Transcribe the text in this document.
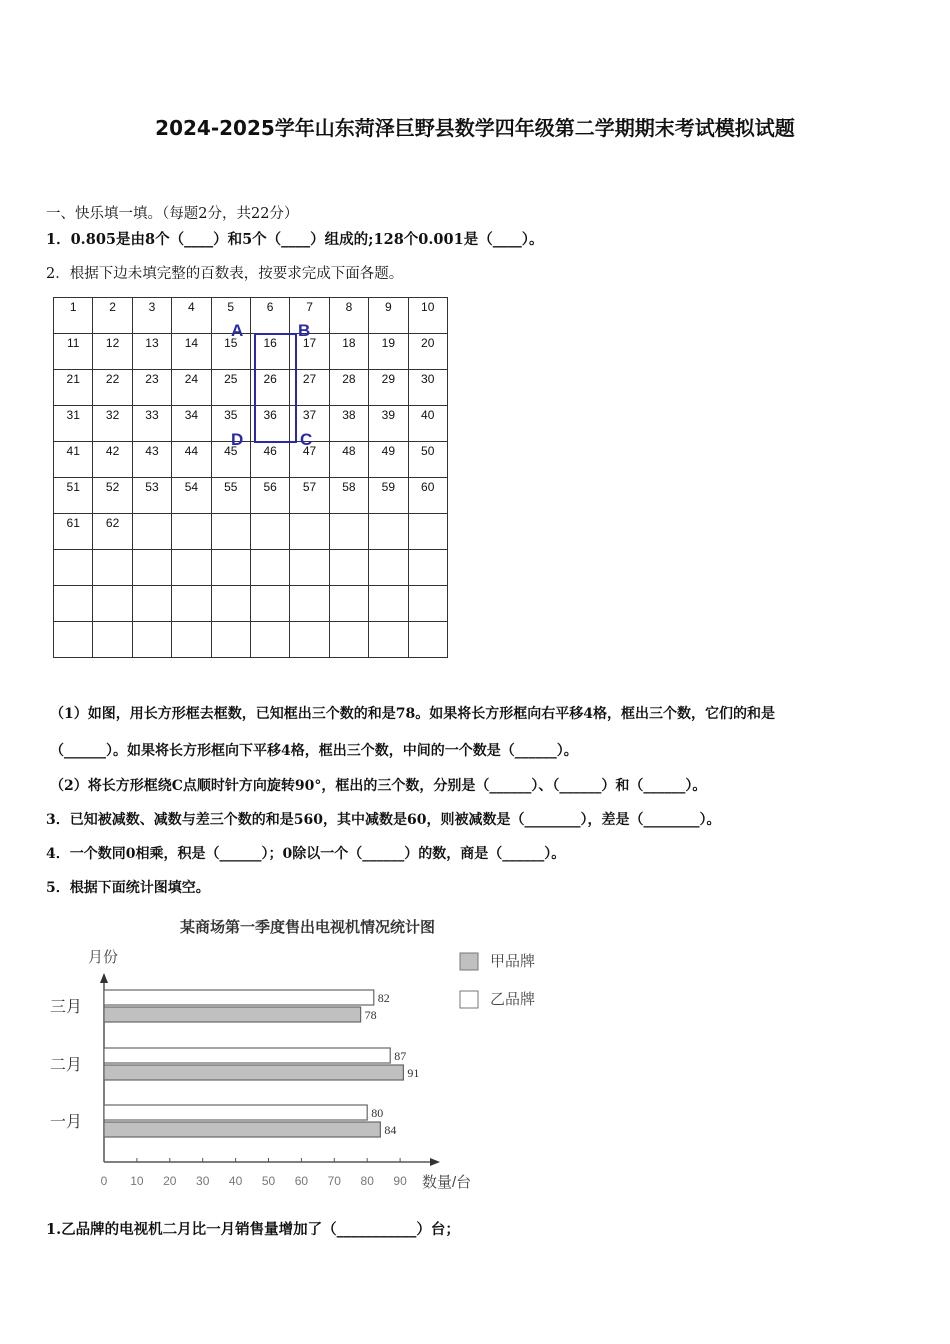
2024-2025学年山东菏泽巨野县数学四年级第二学期期末考试模拟试题
一、快乐填一填。（每题2分，共22分）
1．0.805是由8个（____）和5个（____）组成的;128个0.001是（____）。
2．根据下边未填完整的百数表，按要求完成下面各题。
1	2	3	4	5	6	7	8	9	10
11	12	13	14	15	16	17	18	19	20
21	22	23	24	25	26	27	28	29	30
31	32	33	34	35	36	37	38	39	40
41	42	43	44	45	46	47	48	49	50
51	52	53	54	55	56	57	58	59	60
61	62								

A	B
D	C
（1）如图，用长方形框去框数，已知框出三个数的和是78。如果将长方形框向右平移4格，框出三个数，它们的和是
（______）。如果将长方形框向下平移4格，框出三个数，中间的一个数是（______）。
（2）将长方形框绕C点顺时针方向旋转90°，框出的三个数，分别是（______）、（______）和（______）。
3．已知被减数、减数与差三个数的和是560，其中减数是60，则被减数是（________），差是（________）。
4．一个数同0相乘，积是（______）；0除以一个（______）的数，商是（______）。
5．根据下面统计图填空。
某商场第一季度售出电视机情况统计图
月份
数量/台
0 10 20 30 40 50 60 70 80 90
三月
82
78
二月
87
91
一月
80
84
甲品牌
乙品牌
1.乙品牌的电视机二月比一月销售量增加了（___________）台；
